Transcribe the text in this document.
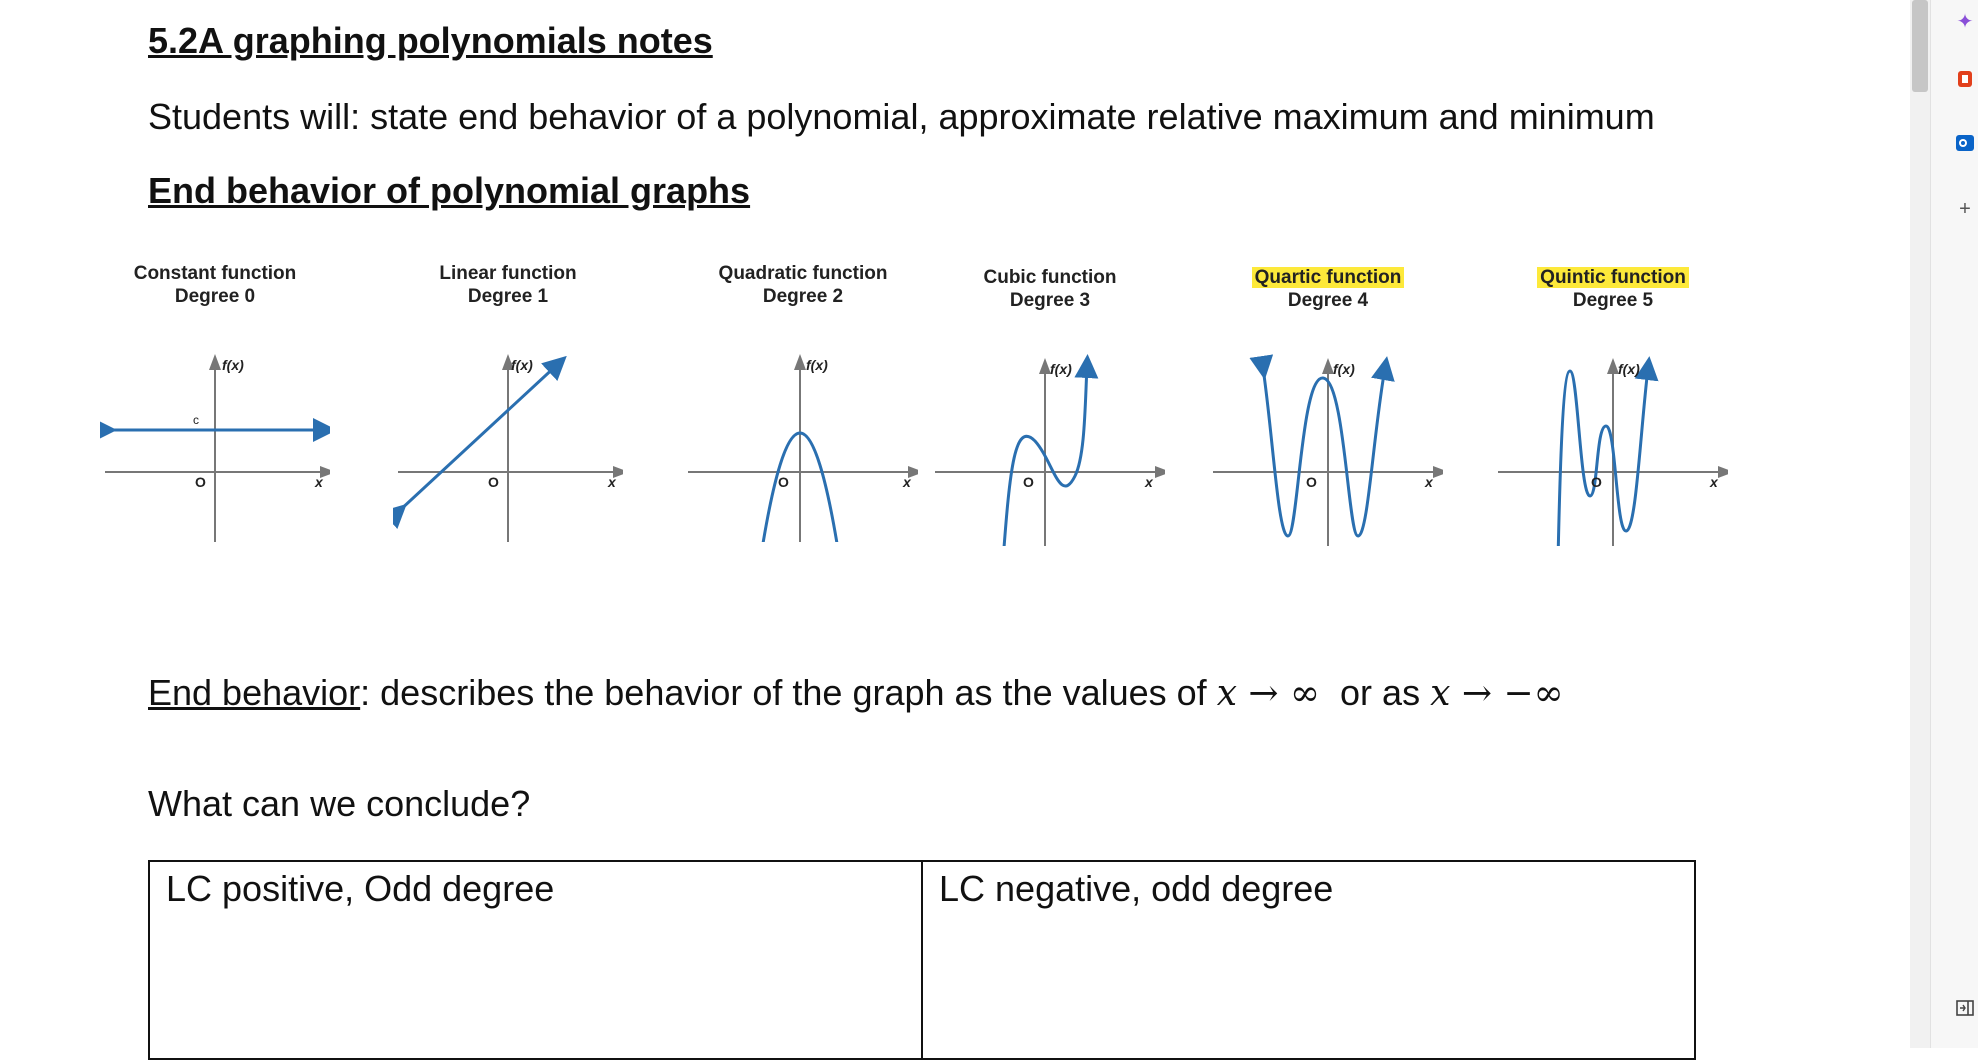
5.2A graphing polynomials notes

Students will: state end behavior of a polynomial, approximate relative maximum and minimum

End behavior of polynomial graphs
Constant function
Degree 0
f(x)
O	x
c
Linear function
Degree 1
f(x)
O	x
Quadratic function
Degree 2
f(x)
O	x
Cubic function
Degree 3
f(x)
O	x
Quartic function
Degree 4
f(x)
O	x
Quintic function
Degree 5
f(x)
O	x

End behavior: describes the behavior of the graph as the values of x → ∞  or as x → −∞

What can we conclude?

LC positive, Odd degree	LC negative, odd degree
✦
+
